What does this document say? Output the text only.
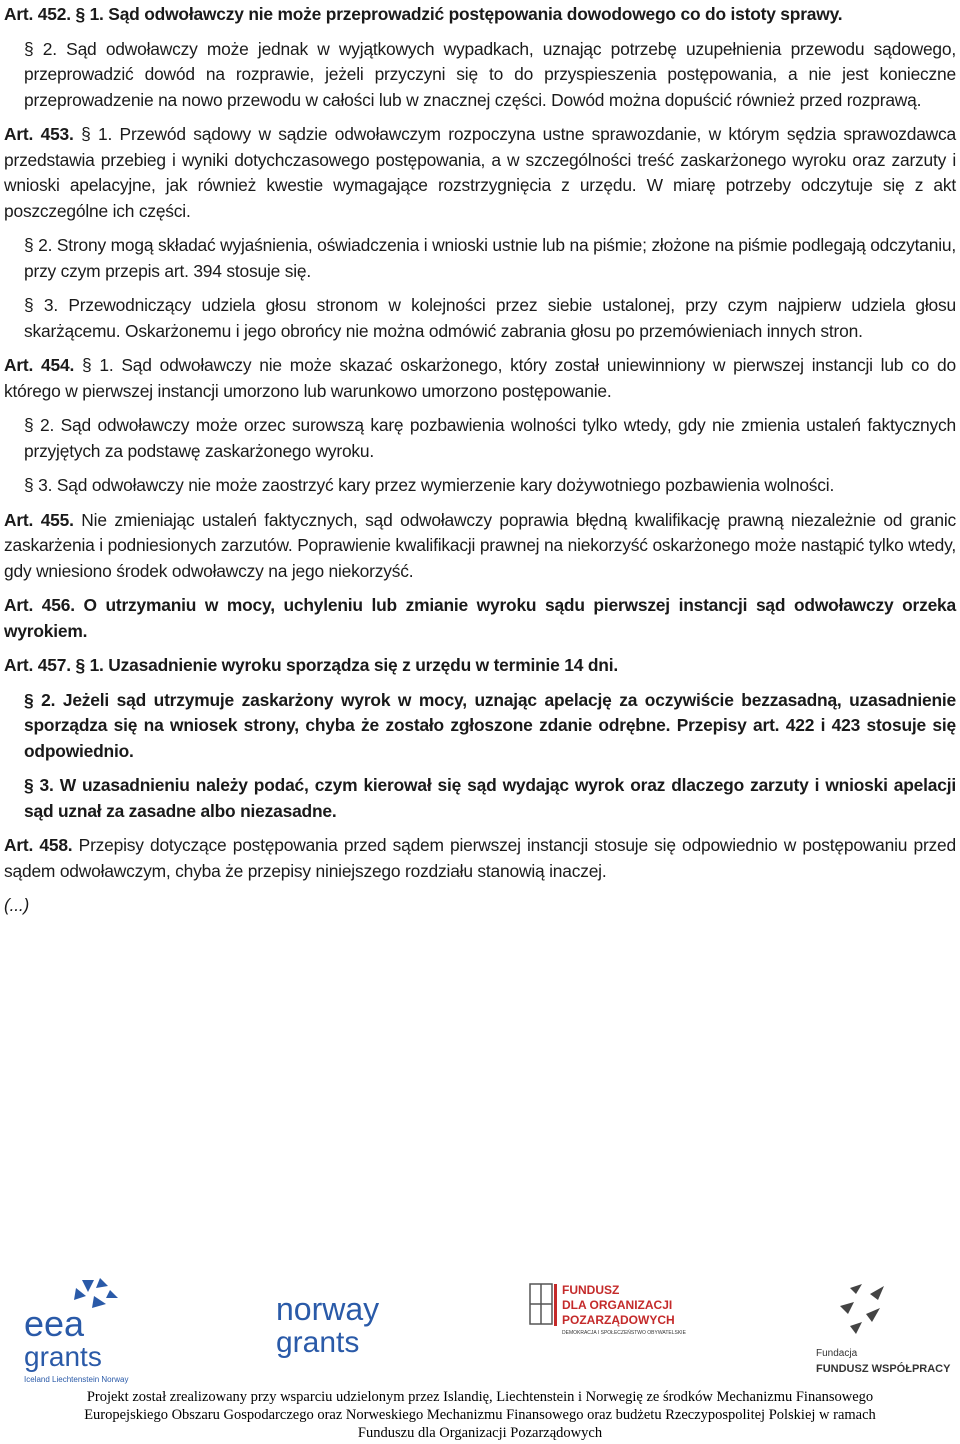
Art. 452. § 1. Sąd odwoławczy nie może przeprowadzić postępowania dowodowego co do istoty sprawy.

§ 2. Sąd odwoławczy może jednak w wyjątkowych wypadkach, uznając potrzebę uzupełnienia przewodu sądowego, przeprowadzić dowód na rozprawie, jeżeli przyczyni się to do przyspieszenia postępowania, a nie jest konieczne przeprowadzenie na nowo przewodu w całości lub w znacznej części. Dowód można dopuścić również przed rozprawą.

Art. 453. § 1. Przewód sądowy w sądzie odwoławczym rozpoczyna ustne sprawozdanie, w którym sędzia sprawozdawca przedstawia przebieg i wyniki dotychczasowego postępowania, a w szczególności treść zaskarżonego wyroku oraz zarzuty i wnioski apelacyjne, jak również kwestie wymagające rozstrzygnięcia z urzędu. W miarę potrzeby odczytuje się z akt poszczególne ich części.

§ 2. Strony mogą składać wyjaśnienia, oświadczenia i wnioski ustnie lub na piśmie; złożone na piśmie podlegają odczytaniu, przy czym przepis art. 394 stosuje się.

§ 3. Przewodniczący udziela głosu stronom w kolejności przez siebie ustalonej, przy czym najpierw udziela głosu skarżącemu. Oskarżonemu i jego obrońcy nie można odmówić zabrania głosu po przemówieniach innych stron.

Art. 454. § 1. Sąd odwoławczy nie może skazać oskarżonego, który został uniewinniony w pierwszej instancji lub co do którego w pierwszej instancji umorzono lub warunkowo umorzono postępowanie.

§ 2. Sąd odwoławczy może orzec surowszą karę pozbawienia wolności tylko wtedy, gdy nie zmienia ustaleń faktycznych przyjętych za podstawę zaskarżonego wyroku.

§ 3. Sąd odwoławczy nie może zaostrzyć kary przez wymierzenie kary dożywotniego pozbawienia wolności.

Art. 455. Nie zmieniając ustaleń faktycznych, sąd odwoławczy poprawia błędną kwalifikację prawną niezależnie od granic zaskarżenia i podniesionych zarzutów. Poprawienie kwalifikacji prawnej na niekorzyść oskarżonego może nastąpić tylko wtedy, gdy wniesiono środek odwoławczy na jego niekorzyść.

Art. 456. O utrzymaniu w mocy, uchyleniu lub zmianie wyroku sądu pierwszej instancji sąd odwoławczy orzeka wyrokiem.

Art. 457. § 1. Uzasadnienie wyroku sporządza się z urzędu w terminie 14 dni.

§ 2. Jeżeli sąd utrzymuje zaskarżony wyrok w mocy, uznając apelację za oczywiście bezzasadną, uzasadnienie sporządza się na wniosek strony, chyba że zostało zgłoszone zdanie odrębne. Przepisy art. 422 i 423 stosuje się odpowiednio.

§ 3. W uzasadnieniu należy podać, czym kierował się sąd wydając wyrok oraz dlaczego zarzuty i wnioski apelacji sąd uznał za zasadne albo niezasadne.

Art. 458. Przepisy dotyczące postępowania przed sądem pierwszej instancji stosuje się odpowiednio w postępowaniu przed sądem odwoławczym, chyba że przepisy niniejszego rozdziału stanowią inaczej.

(...)

eea
grants
Iceland Liechtenstein Norway
norway
grants
FUNDUSZ
DLA ORGANIZACJI
POZARZĄDOWYCH
DEMOKRACJA I SPOŁECZEŃSTWO OBYWATELSKIE
Fundacja
FUNDUSZ WSPÓŁPRACY
Projekt został zrealizowany przy wsparciu udzielonym przez Islandię, Liechtenstein i Norwegię ze środków Mechanizmu Finansowego
Europejskiego Obszaru Gospodarczego oraz Norweskiego Mechanizmu Finansowego oraz budżetu Rzeczypospolitej Polskiej w ramach
Funduszu dla Organizacji Pozarządowych
